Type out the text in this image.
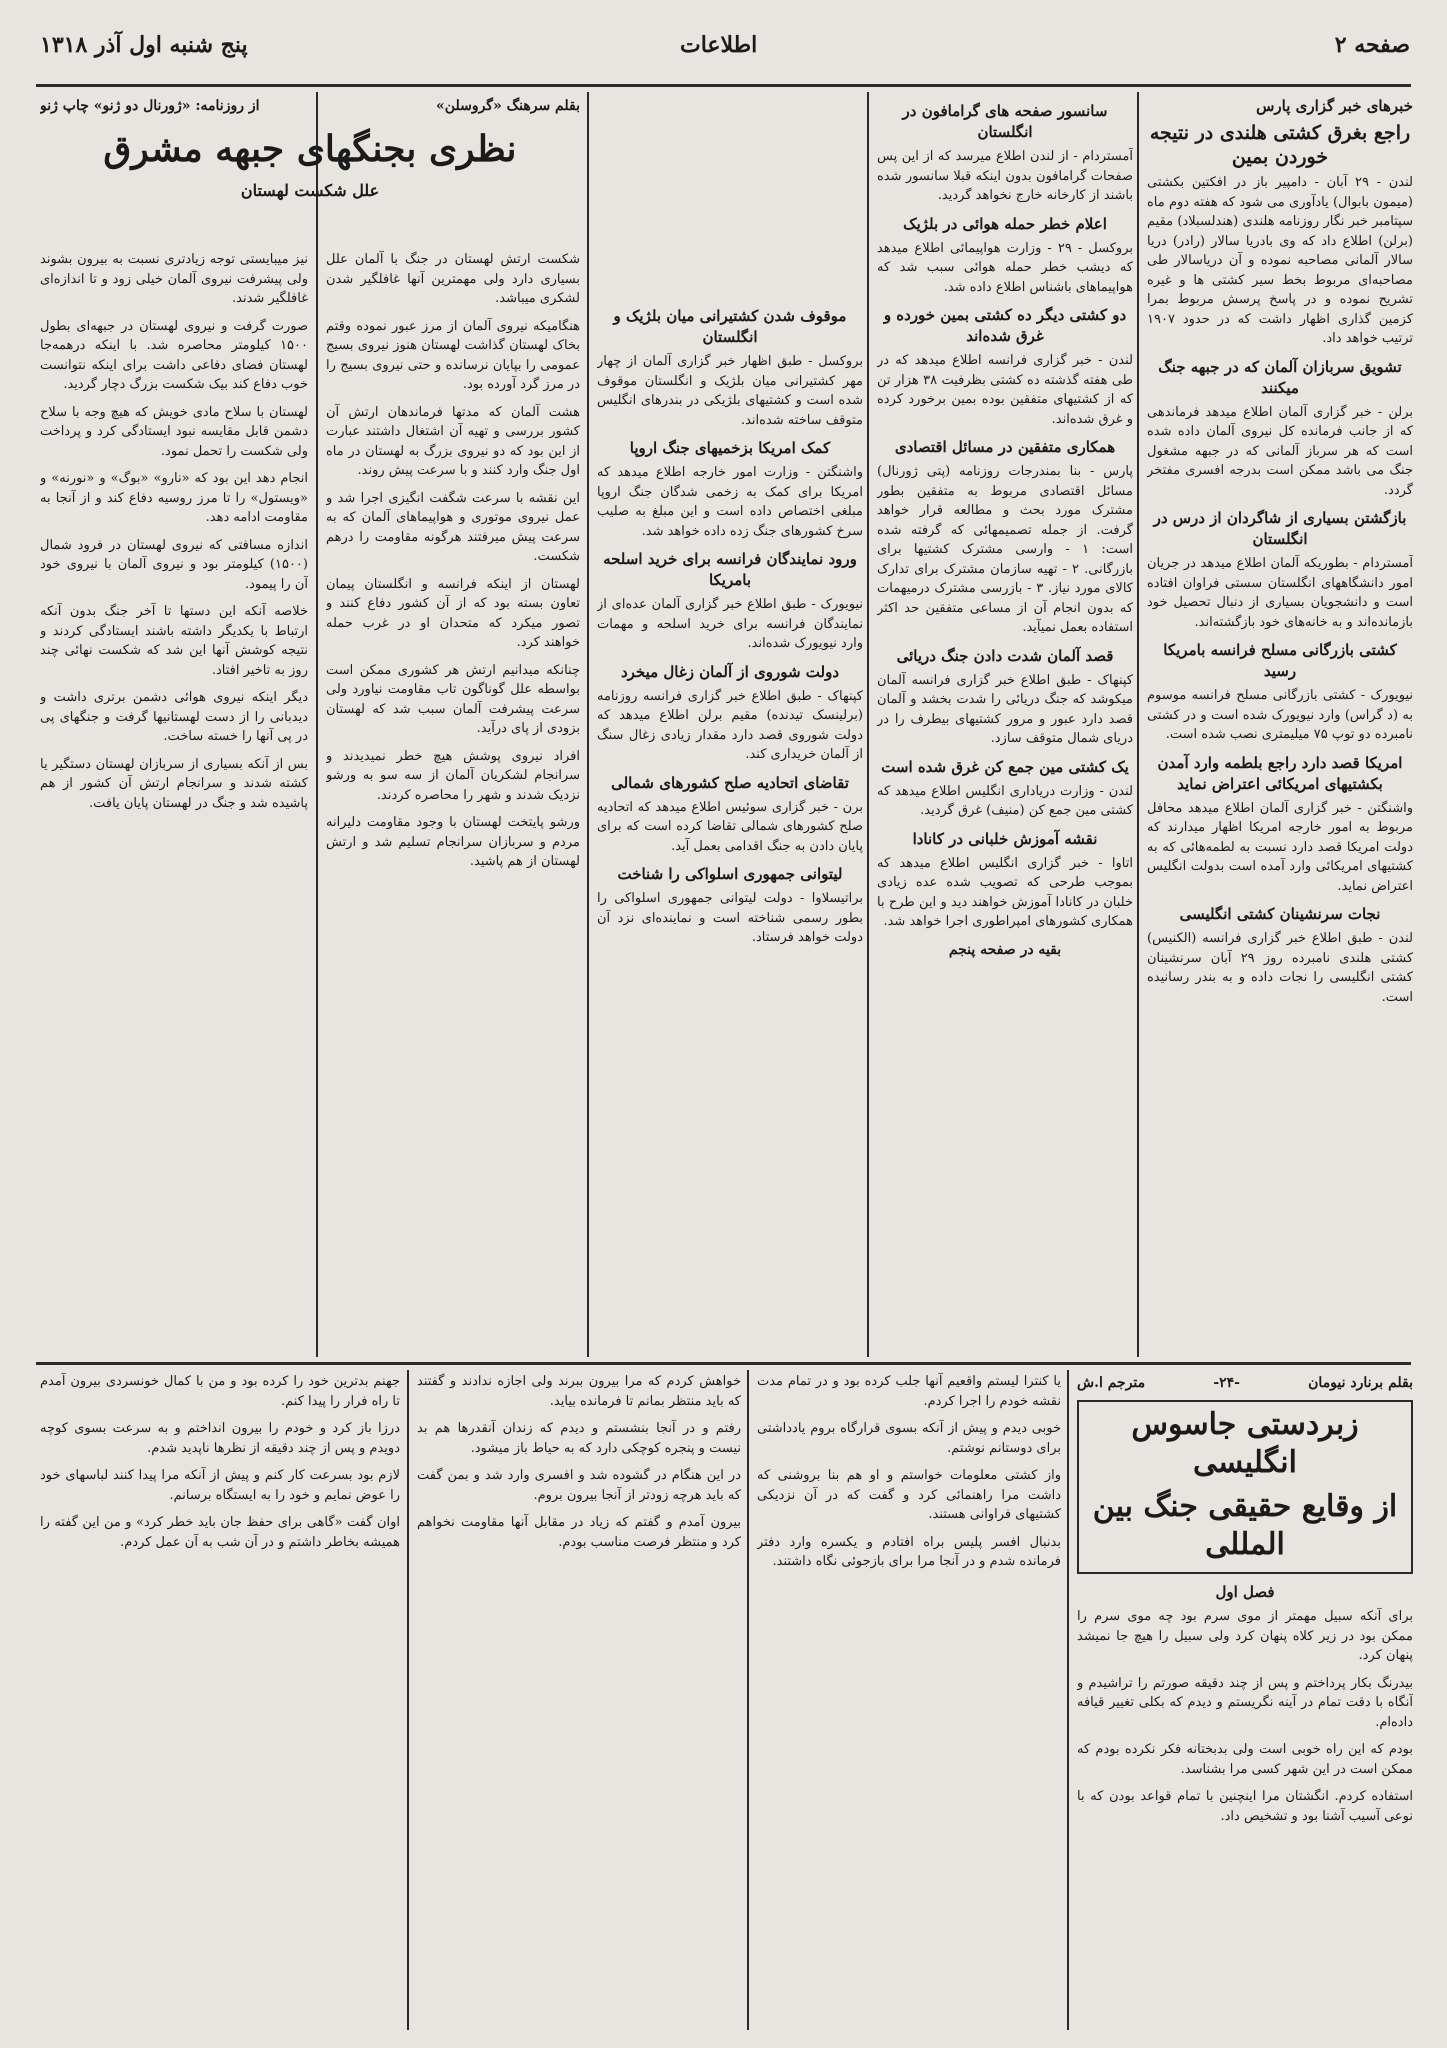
صفحه ۲
اطلاعات
پنج شنبه اول آذر ۱۳۱۸
خبرهای خبر گزاری پارس
راجع بغرق کشتی هلندی در نتیجه خوردن بمین

لندن - ۲۹ آبان - دامپیر باز در افکتین بکشتی (میمون بابوال) یادآوری می شود که هفته دوم ماه سپتامبر خبر نگار روزنامه هلندی (هندلسبلاد) مقیم (برلن) اطلاع داد که وی بادریا سالار (رادر) دریا سالار آلمانی مصاحبه نموده و آن دریاسالار طی مصاحبه‌ای مربوط بخط سیر کشتی ها و غیره تشریح نموده و در پاسخ پرسش مربوط بمرا کزمین گذاری اظهار داشت که در حدود ۱۹۰۷ ترتیب خواهد داد.

تشویق سربازان آلمان که در جبهه جنگ میکنند

برلن - خبر گزاری آلمان اطلاع میدهد فرماندهی که از جانب فرمانده کل نیروی آلمان داده شده است که هر سرباز آلمانی که در جبهه مشغول جنگ می باشد ممکن است بدرجه افسری مفتخر گردد.

بازگشتن بسیاری از شاگردان از درس در انگلستان

آمستردام - بطوریکه آلمان اطلاع میدهد در جریان امور دانشگاههای انگلستان سستی فراوان افتاده است و دانشجویان بسیاری از دنبال تحصیل خود بازمانده‌اند و به خانه‌های خود بازگشته‌اند.

کشتی بازرگانی مسلح فرانسه بامریکا رسید

نیویورک - کشتی بازرگانی مسلح فرانسه موسوم به (د گراس) وارد نیویورک شده است و در کشتی نامبرده دو توپ ۷۵ میلیمتری نصب شده است.

امریکا قصد دارد راجع بلطمه وارد آمدن بکشتیهای امریکائی اعتراض نماید

واشنگتن - خبر گزاری آلمان اطلاع میدهد محافل مربوط به امور خارجه امریکا اظهار میدارند که دولت امریکا قصد دارد نسبت به لطمه‌هائی که به کشتیهای امریکائی وارد آمده است بدولت انگلیس اعتراض نماید.

نجات سرنشینان کشتی انگلیسی

لندن - طبق اطلاع خبر گزاری فرانسه (الکنیس) کشتی هلندی نامبرده روز ۲۹ آبان سرنشینان کشتی انگلیسی را نجات داده و به بندر رسانیده است.

سانسور صفحه های گرامافون در انگلستان

آمستردام - از لندن اطلاع میرسد که از این پس صفحات گرامافون بدون اینکه قبلا سانسور شده باشند از کارخانه خارج نخواهد گردید.

اعلام خطر حمله هوائی در بلژیک

بروکسل - ۲۹ - وزارت هواپیمائی اطلاع میدهد که دیشب خطر حمله هوائی سبب شد که هواپیماهای باشناس اطلاع داده شد.

دو کشتی دیگر ده کشتی بمین خورده و غرق شده‌اند

لندن - خبر گزاری فرانسه اطلاع میدهد که در طی هفته گذشته ده کشتی بظرفیت ۳۸ هزار تن که از کشتیهای متفقین بوده بمین برخورد کرده و غرق شده‌اند.

همکاری متفقین در مسائل اقتصادی

پارس - بنا بمندرجات روزنامه (پتی ژورنال) مسائل اقتصادی مربوط به متفقین بطور مشترک مورد بحث و مطالعه قرار خواهد گرفت. از جمله تصمیمهائی که گرفته شده است: ۱ - وارسی مشترک کشتیها برای بازرگانی. ۲ - تهیه سازمان مشترک برای تدارک کالای مورد نیاز. ۳ - بازرسی مشترک درمیهمات که بدون انجام آن از مساعی متفقین حد اکثر استفاده بعمل نمیآید.

قصد آلمان شدت دادن جنگ دریائی

کپنهاک - طبق اطلاع خبر گزاری فرانسه آلمان میکوشد که جنگ دریائی را شدت بخشد و آلمان قصد دارد عبور و مرور کشتیهای بیطرف را در دریای شمال متوقف سازد.

یک کشتی مین جمع کن غرق شده است

لندن - وزارت دریاداری انگلیس اطلاع میدهد که کشتی مین جمع کن (منیف) غرق گردید.

نقشه آموزش خلبانی در کانادا

اتاوا - خبر گزاری انگلیس اطلاع میدهد که بموجب طرحی که تصویب شده عده زیادی خلبان در کانادا آموزش خواهند دید و این طرح با همکاری کشورهای امپراطوری اجرا خواهد شد.

بقیه در صفحه پنجم
موقوف شدن کشتیرانی میان بلژیک و انگلستان

بروکسل - طبق اظهار خبر گزاری آلمان از چهار مهر کشتیرانی میان بلژیک و انگلستان موقوف شده است و کشتیهای بلژیکی در بندرهای انگلیس متوقف ساخته شده‌اند.

کمک امریکا بزخمیهای جنگ اروپا

واشنگتن - وزارت امور خارجه اطلاع میدهد که امریکا برای کمک به زخمی شدگان جنگ اروپا مبلغی اختصاص داده است و این مبلغ به صلیب سرخ کشورهای جنگ زده داده خواهد شد.

ورود نمایندگان فرانسه برای خرید اسلحه بامریکا

نیویورک - طبق اطلاع خبر گزاری آلمان عده‌ای از نمایندگان فرانسه برای خرید اسلحه و مهمات وارد نیویورک شده‌اند.

دولت شوروی از آلمان زغال میخرد

کپنهاک - طبق اطلاع خبر گزاری فرانسه روزنامه (برلینسک تیدنده) مقیم برلن اطلاع میدهد که دولت شوروی قصد دارد مقدار زیادی زغال سنگ از آلمان خریداری کند.

تقاضای اتحادیه صلح کشورهای شمالی

برن - خبر گزاری سوئیس اطلاع میدهد که اتحادیه صلح کشورهای شمالی تقاضا کرده است که برای پایان دادن به جنگ اقدامی بعمل آید.

لیتوانی جمهوری اسلواکی را شناخت

براتیسلاوا - دولت لیتوانی جمهوری اسلواکی را بطور رسمی شناخته است و نماینده‌ای نزد آن دولت خواهد فرستاد.

بقلم سرهنگ «گروسلن»
از روزنامه: «ژورنال دو ژنو» چاپ ژنو
نظری بجنگهای جبهه مشرق
علل شکست لهستان

شکست ارتش لهستان در جنگ با آلمان علل بسیاری دارد ولی مهمترین آنها غافلگیر شدن لشکری میباشد.

هنگامیکه نیروی آلمان از مرز عبور نموده وقتم بخاک لهستان گذاشت لهستان هنوز نیروی بسیج عمومی را بپایان نرسانده و حتی نیروی بسیج را در مرز گرد آورده بود.

هشت آلمان که مدتها فرماندهان ارتش آن کشور بررسی و تهیه آن اشتغال داشتند عبارت از این بود که دو نیروی بزرگ به لهستان در ماه اول جنگ وارد کنند و با سرعت پیش روند.

این نقشه با سرعت شگفت انگیزی اجرا شد و عمل نیروی موتوری و هواپیماهای آلمان که به سرعت پیش میرفتند هرگونه مقاومت را درهم شکست.

لهستان از اینکه فرانسه و انگلستان پیمان تعاون بسته بود که از آن کشور دفاع کنند و تصور میکرد که متحدان او در غرب حمله خواهند کرد.

چنانکه میدانیم ارتش هر کشوری ممکن است بواسطه علل گوناگون تاب مقاومت نیاورد ولی سرعت پیشرفت آلمان سبب شد که لهستان بزودی از پای درآید.

افراد نیروی پوشش هیچ خطر نمیدیدند و سرانجام لشکریان آلمان از سه سو به ورشو نزدیک شدند و شهر را محاصره کردند.

ورشو پایتخت لهستان با وجود مقاومت دلیرانه مردم و سربازان سرانجام تسلیم شد و ارتش لهستان از هم پاشید.

نیز میبایستی توجه زیادتری نسبت به بیرون بشوند ولی پیشرفت نیروی آلمان خیلی زود و تا اندازه‌ای غافلگیر شدند.

صورت گرفت و نیروی لهستان در جبهه‌ای بطول ۱۵۰۰ کیلومتر محاصره شد. با اینکه درهمه‌جا لهستان فضای دفاعی داشت برای اینکه نتوانست خوب دفاع کند بیک شکست بزرگ دچار گردید.

لهستان با سلاح مادی خویش که هیچ وجه با سلاح دشمن قابل مقایسه نبود ایستادگی کرد و پرداخت ولی شکست را تحمل نمود.

انجام دهد این بود که «نارو» «بوگ» و «نورنه» و «ویستول» را تا مرز روسیه دفاع کند و از آنجا به مقاومت ادامه دهد.

اندازه مسافتی که نیروی لهستان در فرود شمال (۱۵۰۰) کیلومتر بود و نیروی آلمان با نیروی خود آن را پیمود.

خلاصه آنکه این دستها تا آخر جنگ بدون آنکه ارتباط با یکدیگر داشته باشند ایستادگی کردند و نتیجه کوشش آنها این شد که شکست نهائی چند روز به تاخیر افتاد.

دیگر اینکه نیروی هوائی دشمن برتری داشت و دیدبانی را از دست لهستانیها گرفت و جنگهای پی در پی آنها را خسته ساخت.

بس از آنکه بسیاری از سربازان لهستان دستگیر یا کشته شدند و سرانجام ارتش آن کشور از هم پاشیده شد و جنگ در لهستان پایان یافت.

بقلم برنارد نیومان
-۲۴-
مترجم ا.ش
زبردستی جاسوس انگلیسی
از وقایع حقیقی جنگ بین المللی
فصل اول

برای آنکه سبیل مهمتر از موی سرم بود چه موی سرم را ممکن بود در زیر کلاه پنهان کرد ولی سبیل را هیچ جا نمیشد پنهان کرد.

بیدرنگ بکار پرداختم و پس از چند دقیقه صورتم را تراشیدم و آنگاه با دقت تمام در آینه نگریستم و دیدم که بکلی تغییر قیافه داده‌ام.

بودم که این راه خوبی است ولی بدبختانه فکر نکرده بودم که ممکن است در این شهر کسی مرا بشناسد.

استفاده کردم. انگشتان مرا اینچنین با تمام قواعد بودن که با نوعی آسیب آشنا بود و تشخیص داد.

یا کنترا لیستم واقعیم آنها جلب کرده بود و در تمام مدت نقشه خودم را اجرا کردم.

خوبی دیدم و پیش از آنکه بسوی قرارگاه بروم یادداشتی برای دوستانم نوشتم.

واز کشتی معلومات خواستم و او هم بنا بروشنی که داشت مرا راهنمائی کرد و گفت که در آن نزدیکی کشتیهای فراوانی هستند.

بدنبال افسر پلیس براه افتادم و یکسره وارد دفتر فرمانده شدم و در آنجا مرا برای بازجوئی نگاه داشتند.

خواهش کردم که مرا بیرون ببرند ولی اجازه ندادند و گفتند که باید منتظر بمانم تا فرمانده بیاید.

رفتم و در آنجا بنشستم و دیدم که زندان آنقدرها هم بد نیست و پنجره کوچکی دارد که به حیاط باز میشود.

در این هنگام در گشوده شد و افسری وارد شد و بمن گفت که باید هرچه زودتر از آنجا بیرون بروم.

بیرون آمدم و گفتم که زیاد در مقابل آنها مقاومت نخواهم کرد و منتظر فرصت مناسب بودم.

جهنم بدترین خود را کرده بود و من با کمال خونسردی بیرون آمدم تا راه فرار را پیدا کنم.

درزا باز کرد و خودم را بیرون انداختم و به سرعت بسوی کوچه دویدم و پس از چند دقیقه از نظرها ناپدید شدم.

لازم بود بسرعت کار کنم و پیش از آنکه مرا پیدا کنند لباسهای خود را عوض نمایم و خود را به ایستگاه برسانم.

اوان گفت «گاهی برای حفظ جان باید خطر کرد» و من این گفته را همیشه بخاطر داشتم و در آن شب به آن عمل کردم.
